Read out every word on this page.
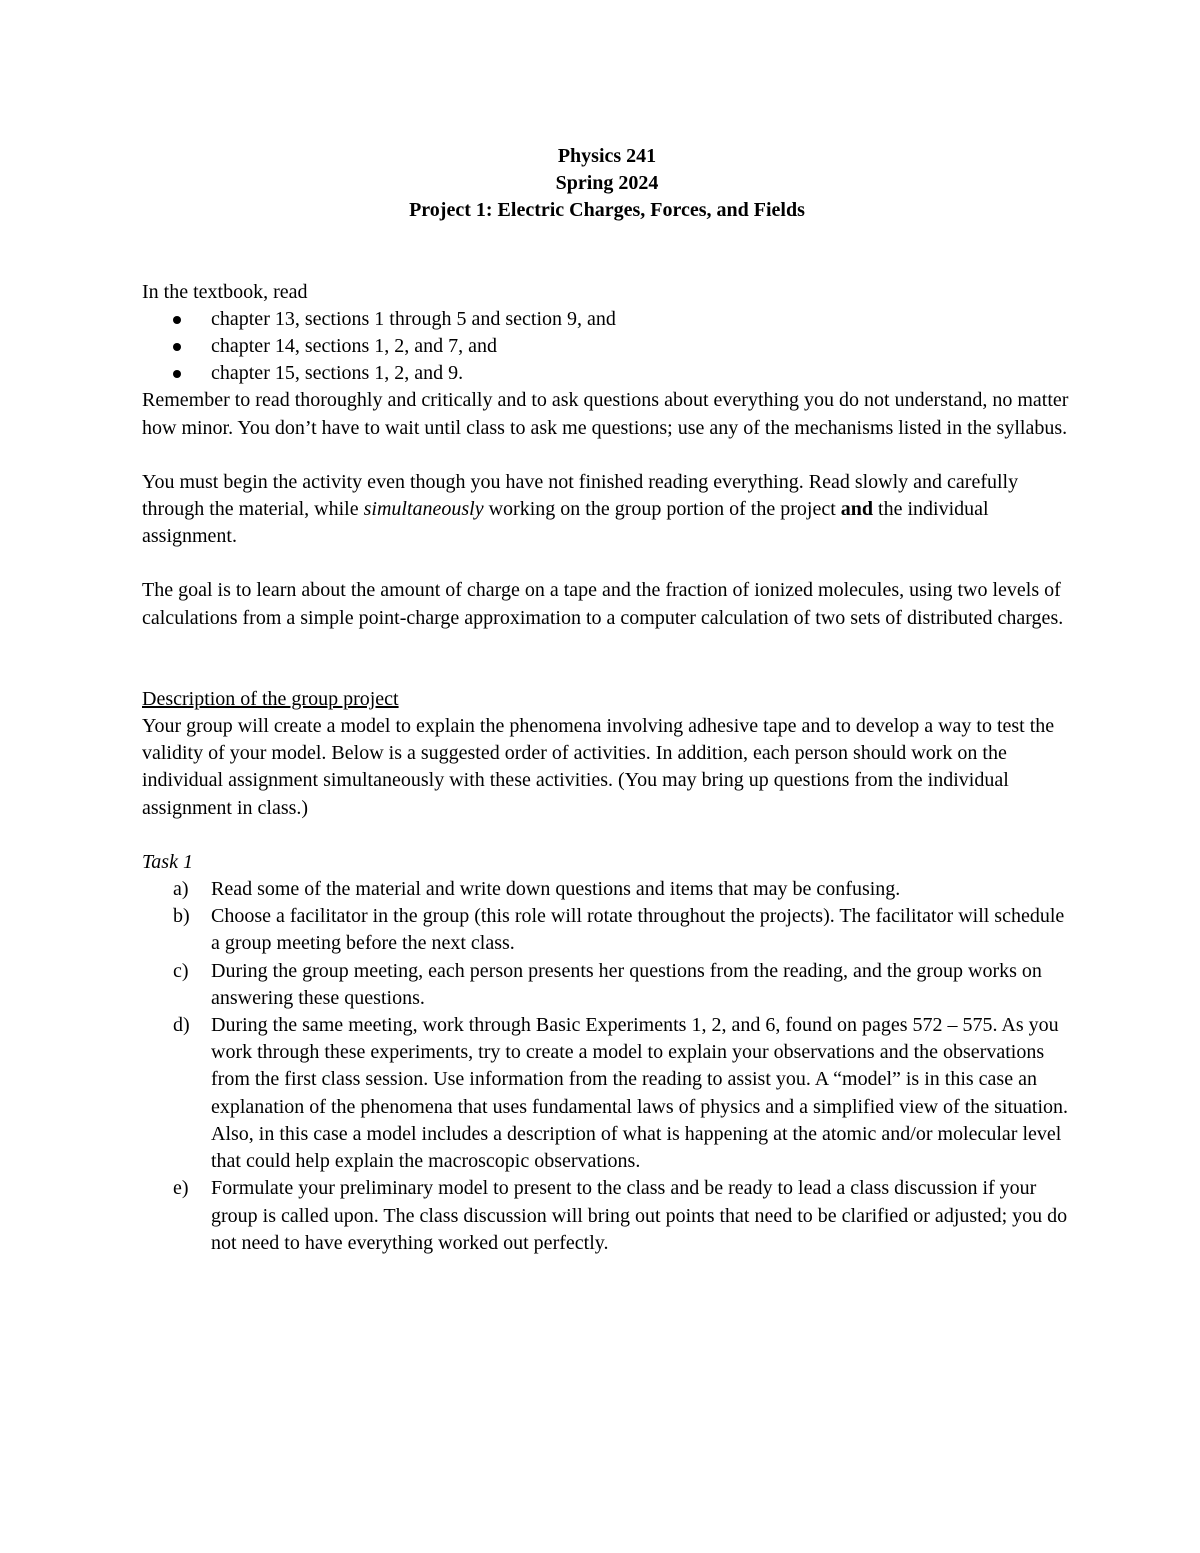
Physics 241
Spring 2024
Project 1: Electric Charges, Forces, and Fields

In the textbook, read

chapter 13, sections 1 through 5 and section 9, and
chapter 14, sections 1, 2, and 7, and
chapter 15, sections 1, 2, and 9.

Remember to read thoroughly and critically and to ask questions about everything you do not understand, no matter how minor. You don’t have to wait until class to ask me questions; use any of the mechanisms listed in the syllabus.

You must begin the activity even though you have not finished reading everything. Read slowly and carefully through the material, while simultaneously working on the group portion of the project and the individual assignment.

The goal is to learn about the amount of charge on a tape and the fraction of ionized molecules, using two levels of calculations from a simple point-charge approximation to a computer calculation of two sets of distributed charges.

Description of the group project

Your group will create a model to explain the phenomena involving adhesive tape and to develop a way to test the validity of your model. Below is a suggested order of activities. In addition, each person should work on the individual assignment simultaneously with these activities. (You may bring up questions from the individual assignment in class.)

Task 1

a) Read some of the material and write down questions and items that may be confusing.
b) Choose a facilitator in the group (this role will rotate throughout the projects). The facilitator will schedule a group meeting before the next class.
c) During the group meeting, each person presents her questions from the reading, and the group works on answering these questions.
d) During the same meeting, work through Basic Experiments 1, 2, and 6, found on pages 572 – 575. As you work through these experiments, try to create a model to explain your observations and the observations from the first class session. Use information from the reading to assist you. A “model” is in this case an explanation of the phenomena that uses fundamental laws of physics and a simplified view of the situation. Also, in this case a model includes a description of what is happening at the atomic and/or molecular level that could help explain the macroscopic observations.
e) Formulate your preliminary model to present to the class and be ready to lead a class discussion if your group is called upon. The class discussion will bring out points that need to be clarified or adjusted; you do not need to have everything worked out perfectly.
